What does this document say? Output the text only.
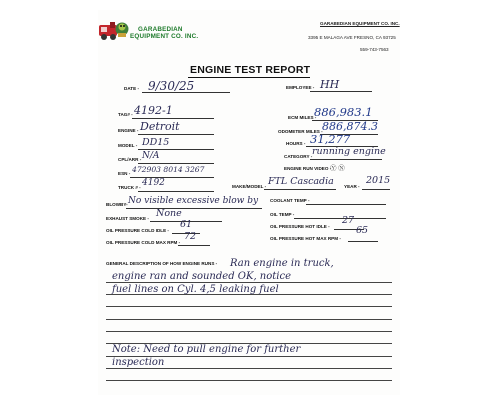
GARABEDIAN
EQUIPMENT CO. INC.
GARABEDIAN EQUIPMENT CO. INC.
3395 E MALAGA AVE FRESNO, CA 93725
559-743-7563
ENGINE TEST REPORT
DATE - 9/30/25	EMPLOYEE - HH
TAG# - 4192-1
ENGINE - Detroit
MODEL - DD15
CPL/ARR - N/A
ESN - 472903 8014 3267
TRUCK # - 4192
ECM MILES -
886,983.1
ODOMETER MILES - 886,874.3
HOURS - 31,277
CATEGORY - running engine
ENGINE RUN VIDEO -
Ⓨ Ⓝ
MAKE/MODEL - FTL Cascadia YEAR -
2015
BLOWBY- No visible excessive blow by	COOLANT TEMP -
EXHAUST SMOKE - None	OIL TEMP -
OIL PRESSURE COLD IDLE -
61	OIL PRESSURE HOT IDLE -
27
OIL PRESSURE HOT MAX RPM -
65
OIL PRESSURE COLD MAX RPM -
72
GENERAL DESCRIPTION OF HOW ENGINE RUNS - Ran engine in truck,
engine ran and sounded OK, notice
fuel lines on Cyl. 4,5 leaking fuel
Note: Need to pull engine for further
inspection
